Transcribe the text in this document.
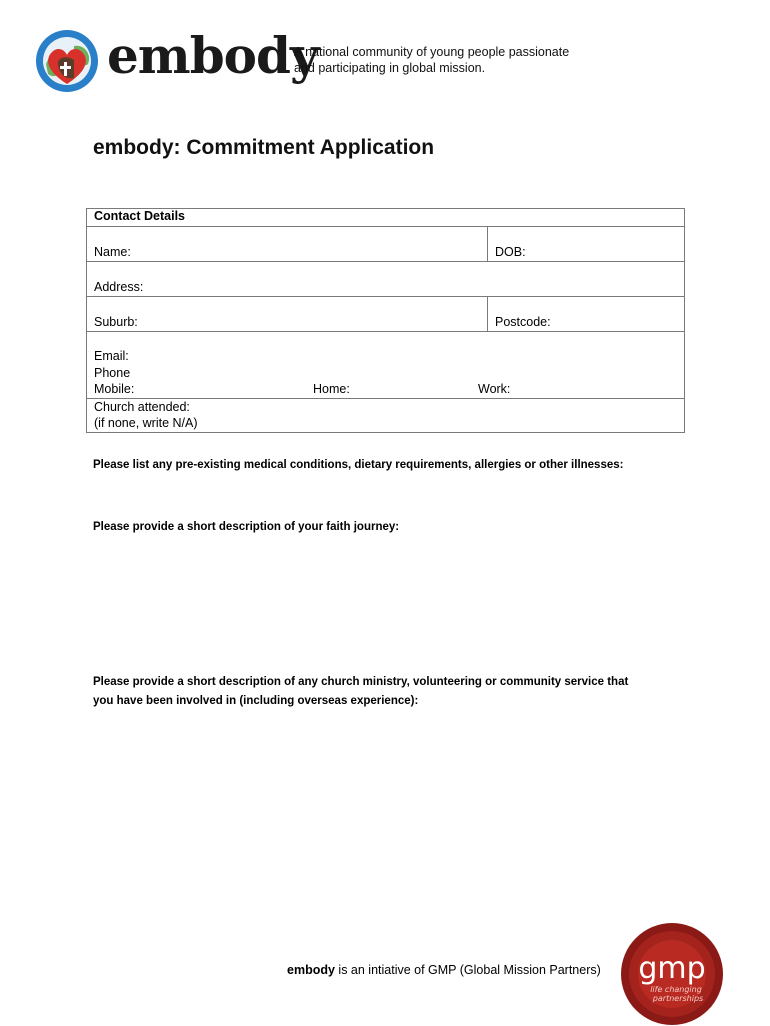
embody
A national community of young people passionate
and participating in global mission.
embody: Commitment Application
Contact Details	

Name:	DOB:

Address:	

Suburb:	Postcode:

Email:
Phone
Mobile: Home: Work:	

Church attended:
(if none, write N/A)	
Please list any pre-existing medical conditions, dietary requirements, allergies or other illnesses:
Please provide a short description of your faith journey:
Please provide a short description of any church ministry, volunteering or community service that
you have been involved in (including overseas experience):
embody is an intiative of GMP (Global Mission Partners) gmp
life changing
partnerships
